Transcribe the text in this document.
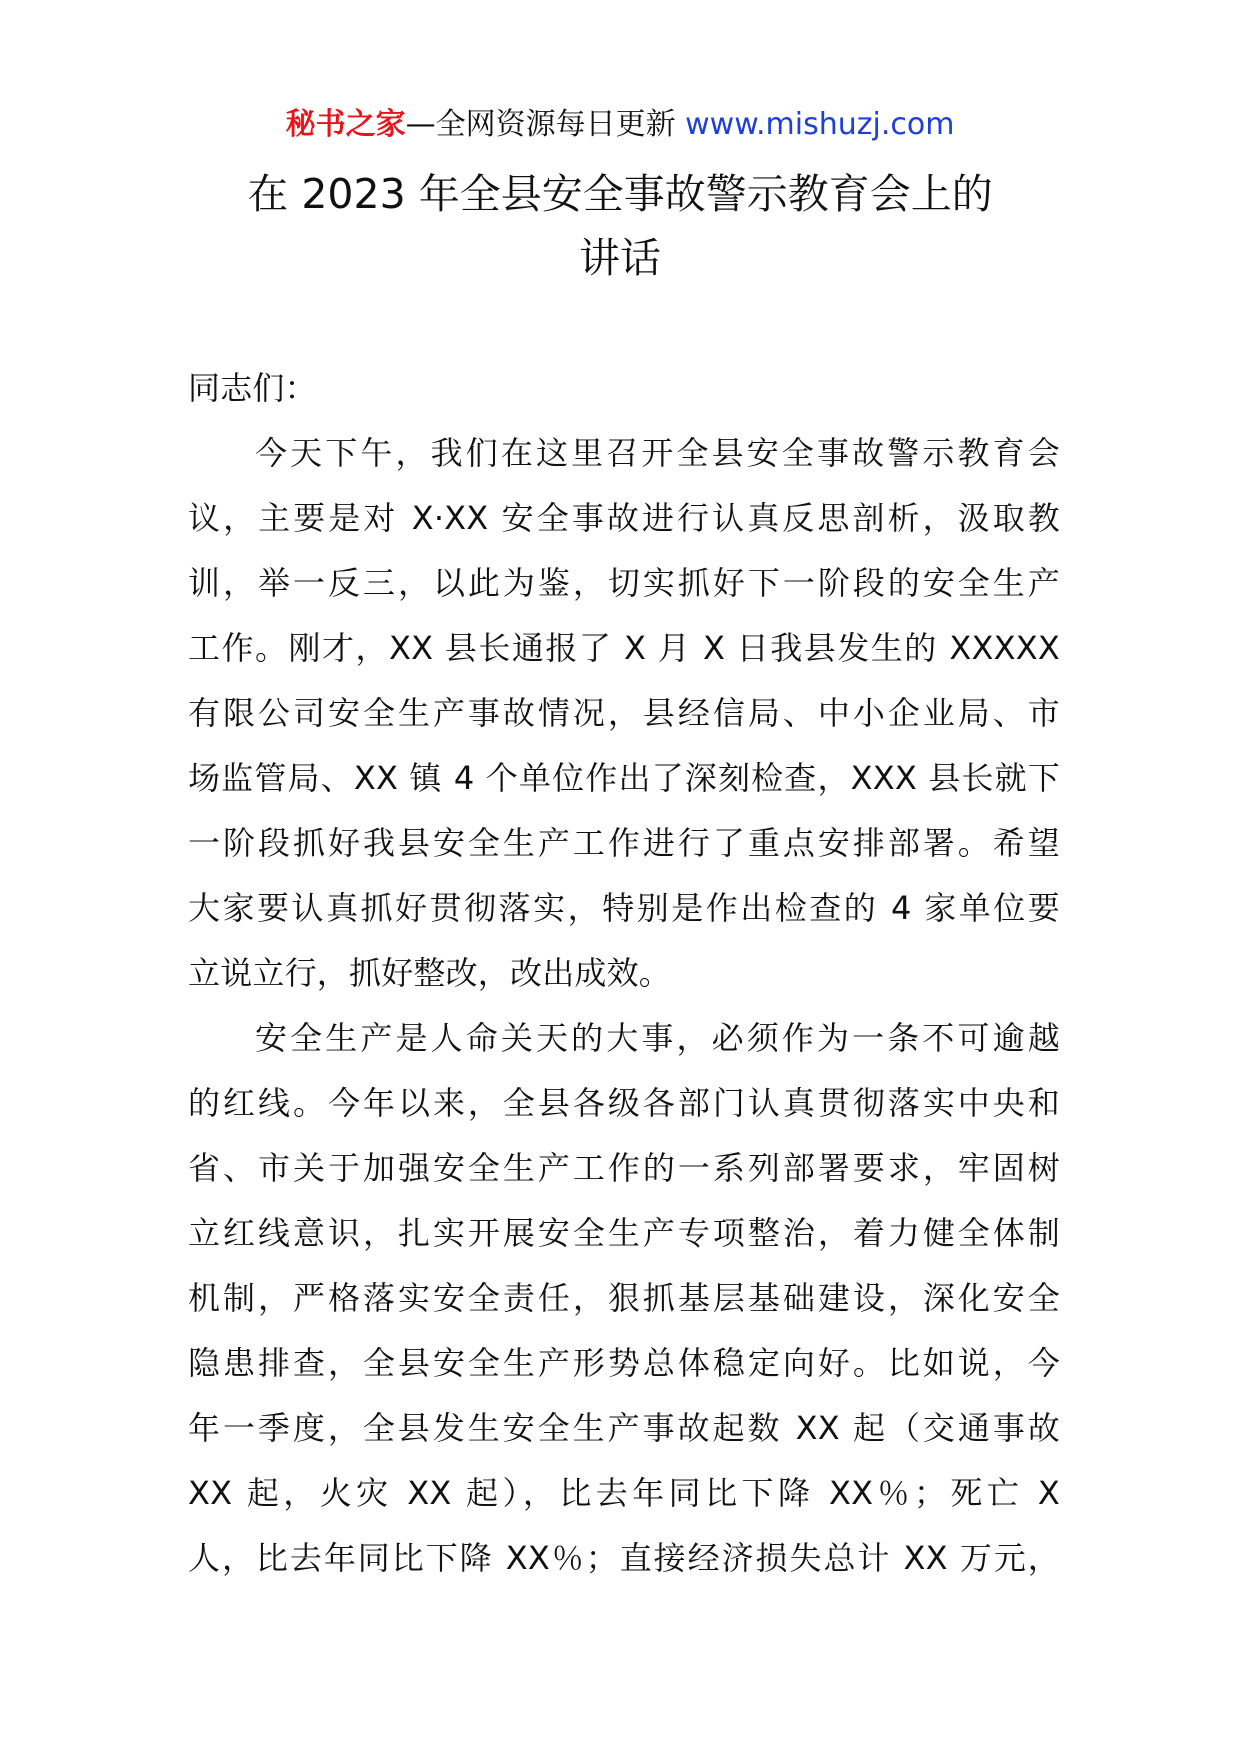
秘书之家—全网资源每日更新 www.mishuzj.com
在 2023 年全县安全事故警示教育会上的
讲话
同志们：
今天下午，我们在这里召开全县安全事故警示教育会
议，主要是对 X·XX 安全事故进行认真反思剖析，汲取教
训，举一反三，以此为鉴，切实抓好下一阶段的安全生产
工作。刚才，XX 县长通报了 X 月 X 日我县发生的 XXXXX
有限公司安全生产事故情况，县经信局、中小企业局、市
场监管局、XX 镇 4 个单位作出了深刻检查，XXX 县长就下
一阶段抓好我县安全生产工作进行了重点安排部署。希望
大家要认真抓好贯彻落实，特别是作出检查的 4 家单位要
立说立行，抓好整改，改出成效。
安全生产是人命关天的大事，必须作为一条不可逾越
的红线。今年以来，全县各级各部门认真贯彻落实中央和
省、市关于加强安全生产工作的一系列部署要求，牢固树
立红线意识，扎实开展安全生产专项整治，着力健全体制
机制，严格落实安全责任，狠抓基层基础建设，深化安全
隐患排查，全县安全生产形势总体稳定向好。比如说，今
年一季度，全县发生安全生产事故起数 XX 起（交通事故
XX 起，火灾 XX 起），比去年同比下降 XX％；死亡 X
人，比去年同比下降 XX％；直接经济损失总计 XX 万元，
